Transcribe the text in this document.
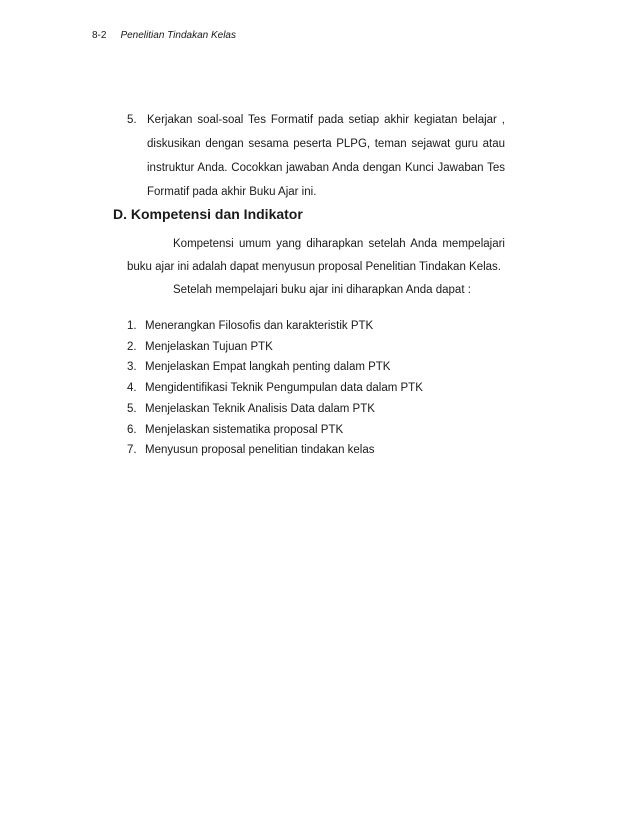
8-2 Penelitian Tindakan Kelas
5. Kerjakan soal-soal Tes Formatif pada setiap akhir kegiatan belajar , diskusikan dengan sesama peserta PLPG, teman sejawat guru atau instruktur Anda. Cocokkan jawaban Anda dengan Kunci Jawaban Tes Formatif pada akhir Buku Ajar ini.
D. Kompetensi dan Indikator

Kompetensi umum yang diharapkan setelah Anda mempelajari buku ajar ini adalah dapat menyusun proposal Penelitian Tindakan Kelas.

Setelah mempelajari buku ajar ini diharapkan Anda dapat :

1. Menerangkan Filosofis dan karakteristik PTK
2. Menjelaskan Tujuan PTK
3. Menjelaskan Empat langkah penting dalam PTK
4. Mengidentifikasi Teknik Pengumpulan data dalam PTK
5. Menjelaskan Teknik Analisis Data dalam PTK
6. Menjelaskan sistematika proposal PTK
7. Menyusun proposal penelitian tindakan kelas
